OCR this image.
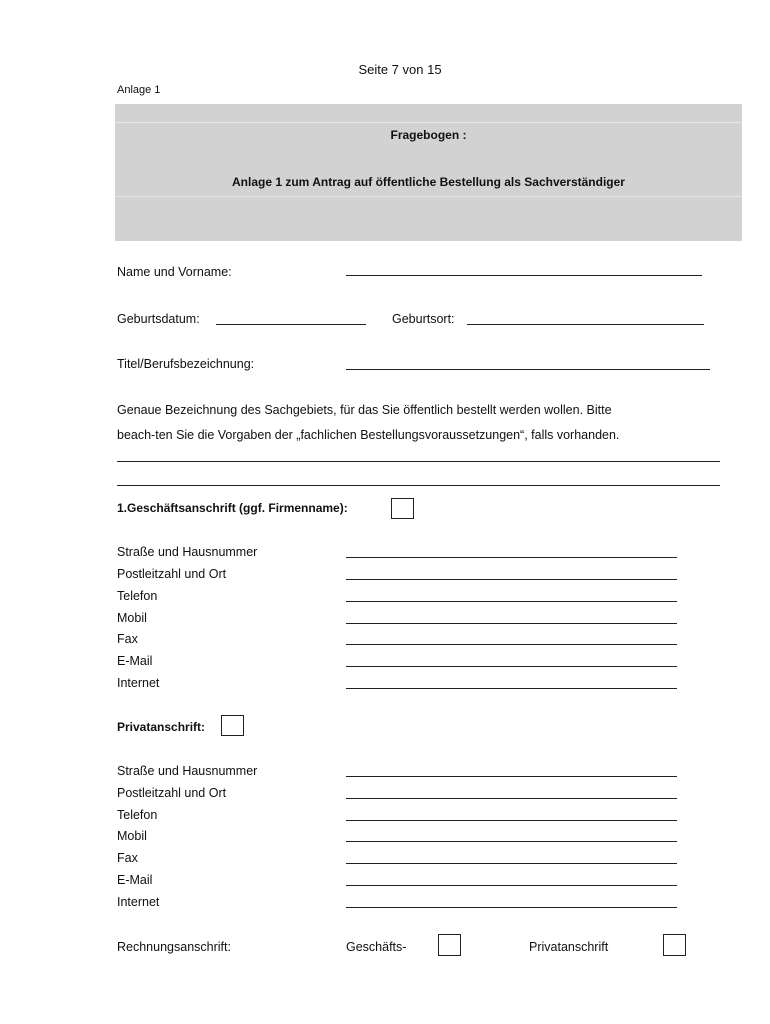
Seite 7 von 15
Anlage 1
Fragebogen :
Anlage 1 zum Antrag auf öffentliche Bestellung als Sachverständiger
Name und Vorname:
Geburtsdatum:	Geburtsort:
Titel/Berufsbezeichnung:
Genaue Bezeichnung des Sachgebiets, für das Sie öffentlich bestellt werden wollen. Bitte
beach-ten Sie die Vorgaben der „fachlichen Bestellungsvoraussetzungen“, falls vorhanden.
1.Geschäftsanschrift (ggf. Firmenname):
Straße und Hausnummer
Postleitzahl und Ort
Telefon
Mobil
Fax
E-Mail
Internet
Privatanschrift:
Straße und Hausnummer
Postleitzahl und Ort
Telefon
Mobil
Fax
E-Mail
Internet
Rechnungsanschrift:	Geschäfts-	Privatanschrift
